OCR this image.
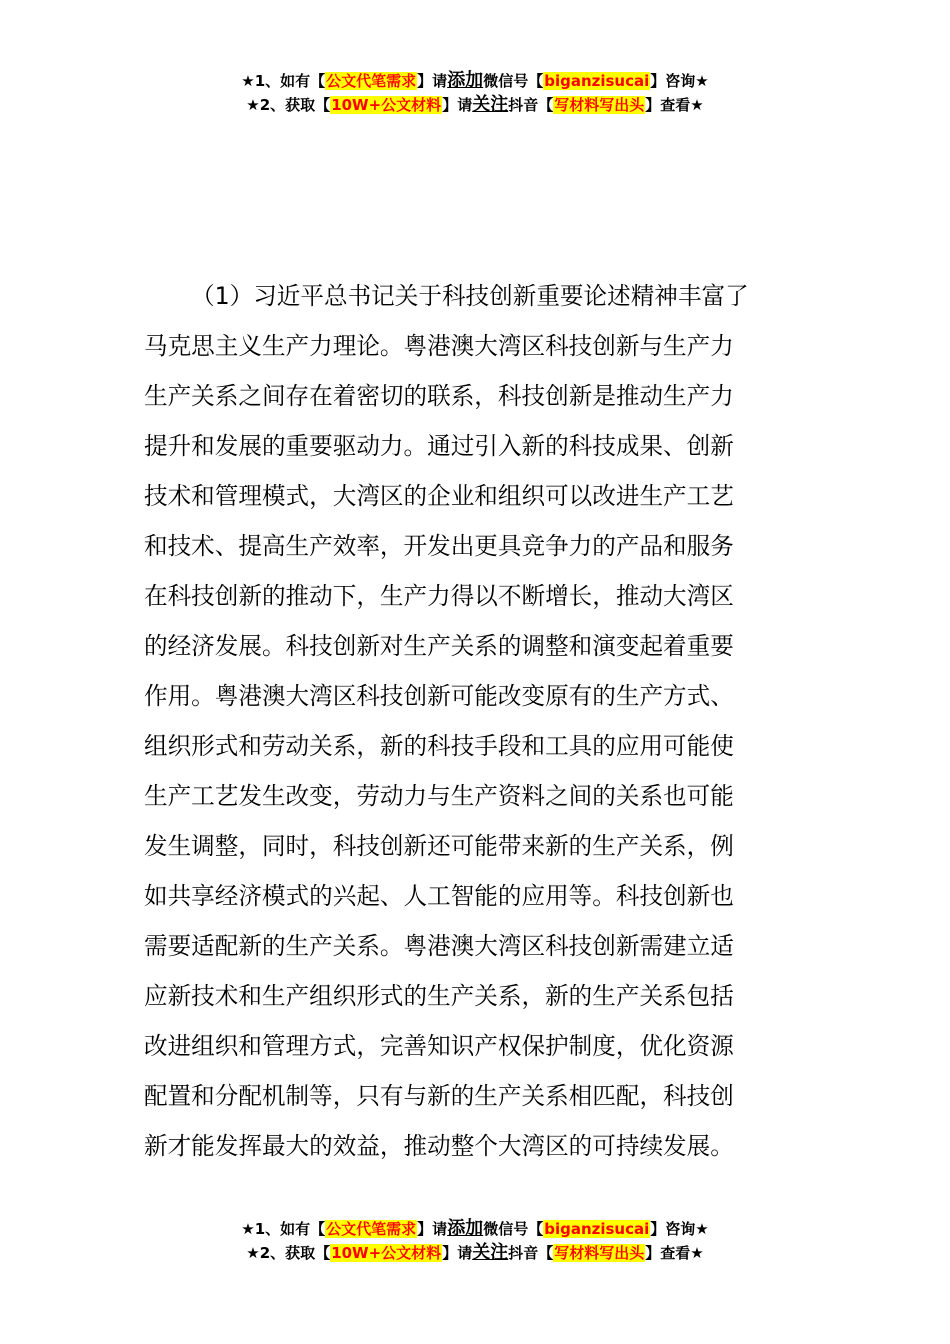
★1、如有【公文代笔需求】请添加微信号【biganzisucai】咨询★
★2、获取【10W+公文材料】请关注抖音【写材料写出头】查看★
（1）习近平总书记关于科技创新重要论述精神丰富了
马克思主义生产力理论。粤港澳大湾区科技创新与生产力
生产关系之间存在着密切的联系，科技创新是推动生产力
提升和发展的重要驱动力。通过引入新的科技成果、创新
技术和管理模式，大湾区的企业和组织可以改进生产工艺
和技术、提高生产效率，开发出更具竞争力的产品和服务
在科技创新的推动下，生产力得以不断增长，推动大湾区
的经济发展。科技创新对生产关系的调整和演变起着重要
作用。粤港澳大湾区科技创新可能改变原有的生产方式、
组织形式和劳动关系，新的科技手段和工具的应用可能使
生产工艺发生改变，劳动力与生产资料之间的关系也可能
发生调整，同时，科技创新还可能带来新的生产关系，例
如共享经济模式的兴起、人工智能的应用等。科技创新也
需要适配新的生产关系。粤港澳大湾区科技创新需建立适
应新技术和生产组织形式的生产关系，新的生产关系包括
改进组织和管理方式，完善知识产权保护制度，优化资源
配置和分配机制等，只有与新的生产关系相匹配，科技创
新才能发挥最大的效益，推动整个大湾区的可持续发展。
★1、如有【公文代笔需求】请添加微信号【biganzisucai】咨询★
★2、获取【10W+公文材料】请关注抖音【写材料写出头】查看★
